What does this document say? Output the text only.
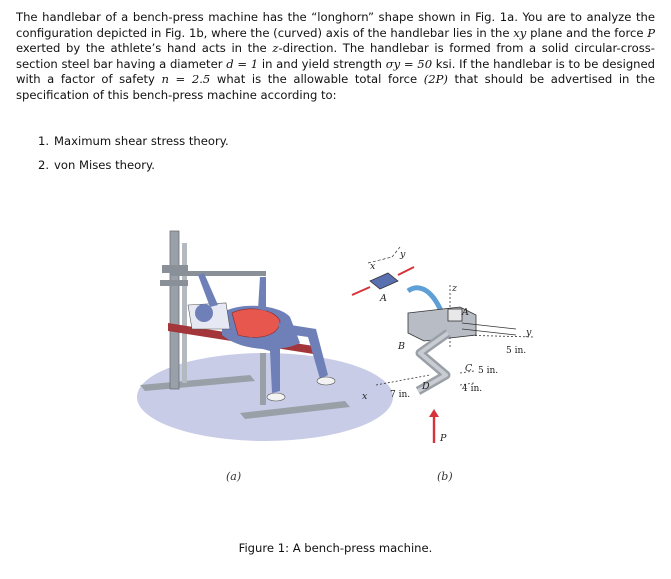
The handlebar of a bench-press machine has the “longhorn” shape shown in Fig. 1a. You are to analyze the configuration depicted in Fig. 1b, where the (curved) axis of the handlebar lies in the xy plane and the force P exerted by the athlete’s hand acts in the z-direction. The handlebar is formed from a solid circular-cross-section steel bar having a diameter d = 1 in and yield strength σy = 50 ksi. If the handlebar is to be designed with a factor of safety n = 2.5 what is the allowable total force (2P) that should be advertised in the specification of this bench-press machine according to:

1. Maximum shear stress theory.
2. von Mises theory.
x
y
A
z
A
y
5 in.
B
C 5 in.
4 in.
D
x	7 in.
P
(a)	(b)
Figure 1: A bench-press machine.
